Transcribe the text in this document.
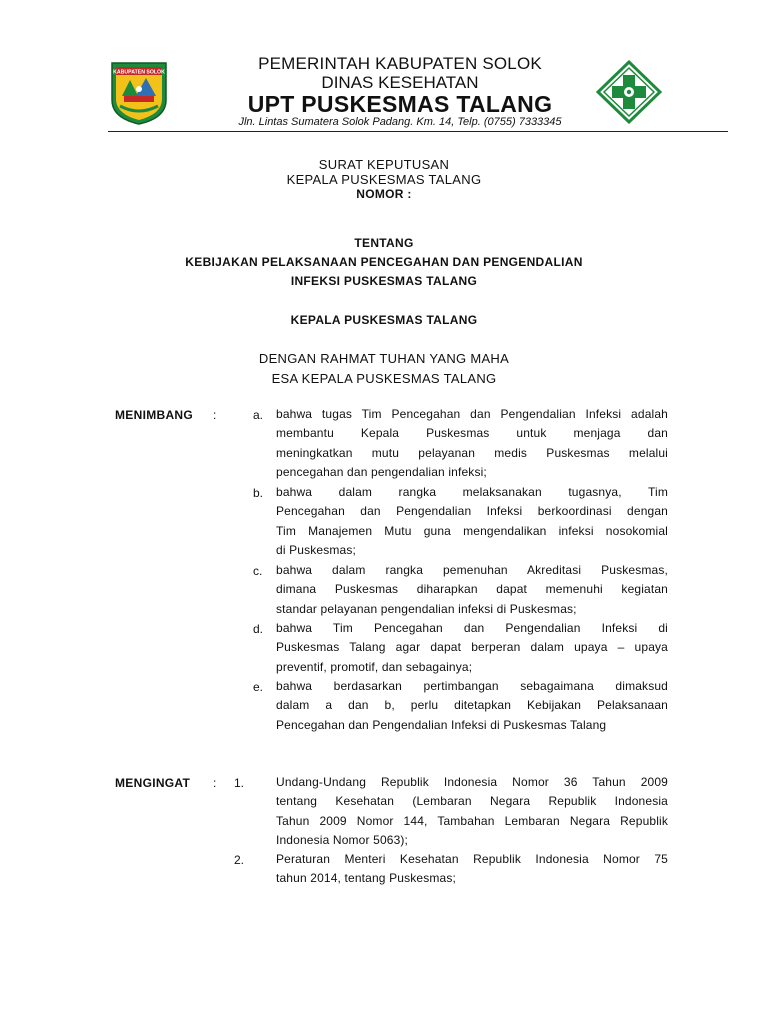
KABUPATEN SOLOK	PEMERINTAH KABUPATEN SOLOK
DINAS KESEHATAN
UPT PUSKESMAS TALANG
Jln. Lintas Sumatera Solok Padang. Km. 14, Telp. (0755) 7333345
SURAT KEPUTUSAN
KEPALA PUSKESMAS TALANG
NOMOR :
TENTANG
KEBIJAKAN PELAKSANAAN PENCEGAHAN DAN PENGENDALIAN
INFEKSI PUSKESMAS TALANG
KEPALA PUSKESMAS TALANG
DENGAN RAHMAT TUHAN YANG MAHA
ESA KEPALA PUSKESMAS TALANG
MENIMBANG :	a. bahwa tugas Tim Pencegahan dan Pengendalian Infeksi adalah
membantu Kepala Puskesmas untuk menjaga dan
meningkatkan mutu pelayanan medis Puskesmas melalui
pencegahan dan pengendalian infeksi;
b. bahwa dalam rangka melaksanakan tugasnya, Tim
Pencegahan dan Pengendalian Infeksi berkoordinasi dengan
Tim Manajemen Mutu guna mengendalikan infeksi nosokomial
di Puskesmas;
c. bahwa dalam rangka pemenuhan Akreditasi Puskesmas,
dimana Puskesmas diharapkan dapat memenuhi kegiatan
standar pelayanan pengendalian infeksi di Puskesmas;
d. bahwa Tim Pencegahan dan Pengendalian Infeksi di
Puskesmas Talang agar dapat berperan dalam upaya – upaya
preventif, promotif, dan sebagainya;
e. bahwa berdasarkan pertimbangan sebagaimana dimaksud
dalam a dan b, perlu ditetapkan Kebijakan Pelaksanaan
Pencegahan dan Pengendalian Infeksi di Puskesmas Talang
MENGINGAT : 1.	Undang-Undang Republik Indonesia Nomor 36 Tahun 2009
tentang Kesehatan (Lembaran Negara Republik Indonesia
Tahun 2009 Nomor 144, Tambahan Lembaran Negara Republik
Indonesia Nomor 5063);
2.	Peraturan Menteri Kesehatan Republik Indonesia Nomor 75
tahun 2014, tentang Puskesmas;
